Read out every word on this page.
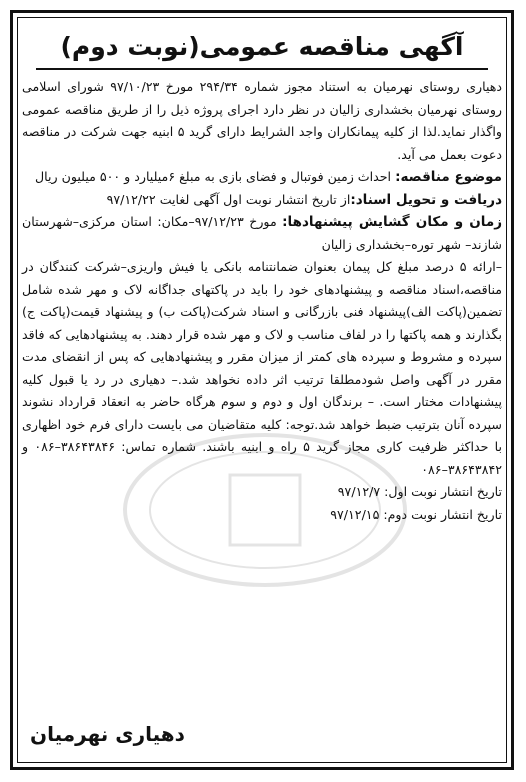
آگهی مناقصه عمومی(نوبت دوم)

دهیاری روستای نهرمیان به استناد مجوز شماره ۲۹۴/۳۴ مورخ ۹۷/۱۰/۲۳ شورای اسلامی روستای نهرمیان بخشداری زالیان در نظر دارد اجرای پروژه ذیل را از طریق مناقصه عمومی واگذار نماید.لذا از کلیه پیمانکاران واجد الشرایط دارای گرید ۵ ابنیه جهت شرکت در مناقصه دعوت بعمل می آید.

موضوع مناقصه: احداث زمین فوتبال و فضای بازی به مبلغ ۶میلیارد و ۵۰۰ میلیون ریال

دریافت و تحویل اسناد:از تاریخ انتشار نوبت اول آگهی لغایت ۹۷/۱۲/۲۲

زمان و مکان گشایش پیشنهادها: مورخ ۹۷/۱۲/۲۳–مکان: استان مرکزی–شهرستان شازند– شهر توره–بخشداری زالیان

–ارائه ۵ درصد مبلغ کل پیمان بعنوان ضمانتنامه بانکی یا فیش واریزی–شرکت کنندگان در مناقصه،اسناد مناقصه و پیشنهادهای خود را باید در پاکتهای جداگانه لاک و مهر شده شامل تضمین(پاکت الف)پیشنهاد فنی بازرگانی و اسناد شرکت(پاکت ب) و پیشنهاد قیمت(پاکت ج) بگذارند و همه پاکتها را در لفاف مناسب و لاک و مهر شده قرار دهند. به پیشنهادهایی که فاقد سپرده و مشروط و سپرده های کمتر از میزان مقرر و پیشنهادهایی که پس از انقضای مدت مقرر در آگهی واصل شودمطلقا ترتیب اثر داده نخواهد شد.– دهیاری در رد یا قبول کلیه پیشنهادات مختار است. – برندگان اول و دوم و سوم هرگاه حاضر به انعقاد قرارداد نشوند سپرده آنان بترتیب ضبط خواهد شد.توجه: کلیه متقاضیان می بایست دارای فرم خود اظهاری با حداکثر ظرفیت کاری مجاز گرید ۵ راه و ابنیه باشند. شماره تماس: ۳۸۶۴۳۸۴۶–۰۸۶ و ۳۸۶۴۳۸۴۲–۰۸۶

تاریخ انتشار نوبت اول: ۹۷/۱۲/۷

تاریخ انتشار نوبت دوم: ۹۷/۱۲/۱۵

دهیاری نهرمیان
